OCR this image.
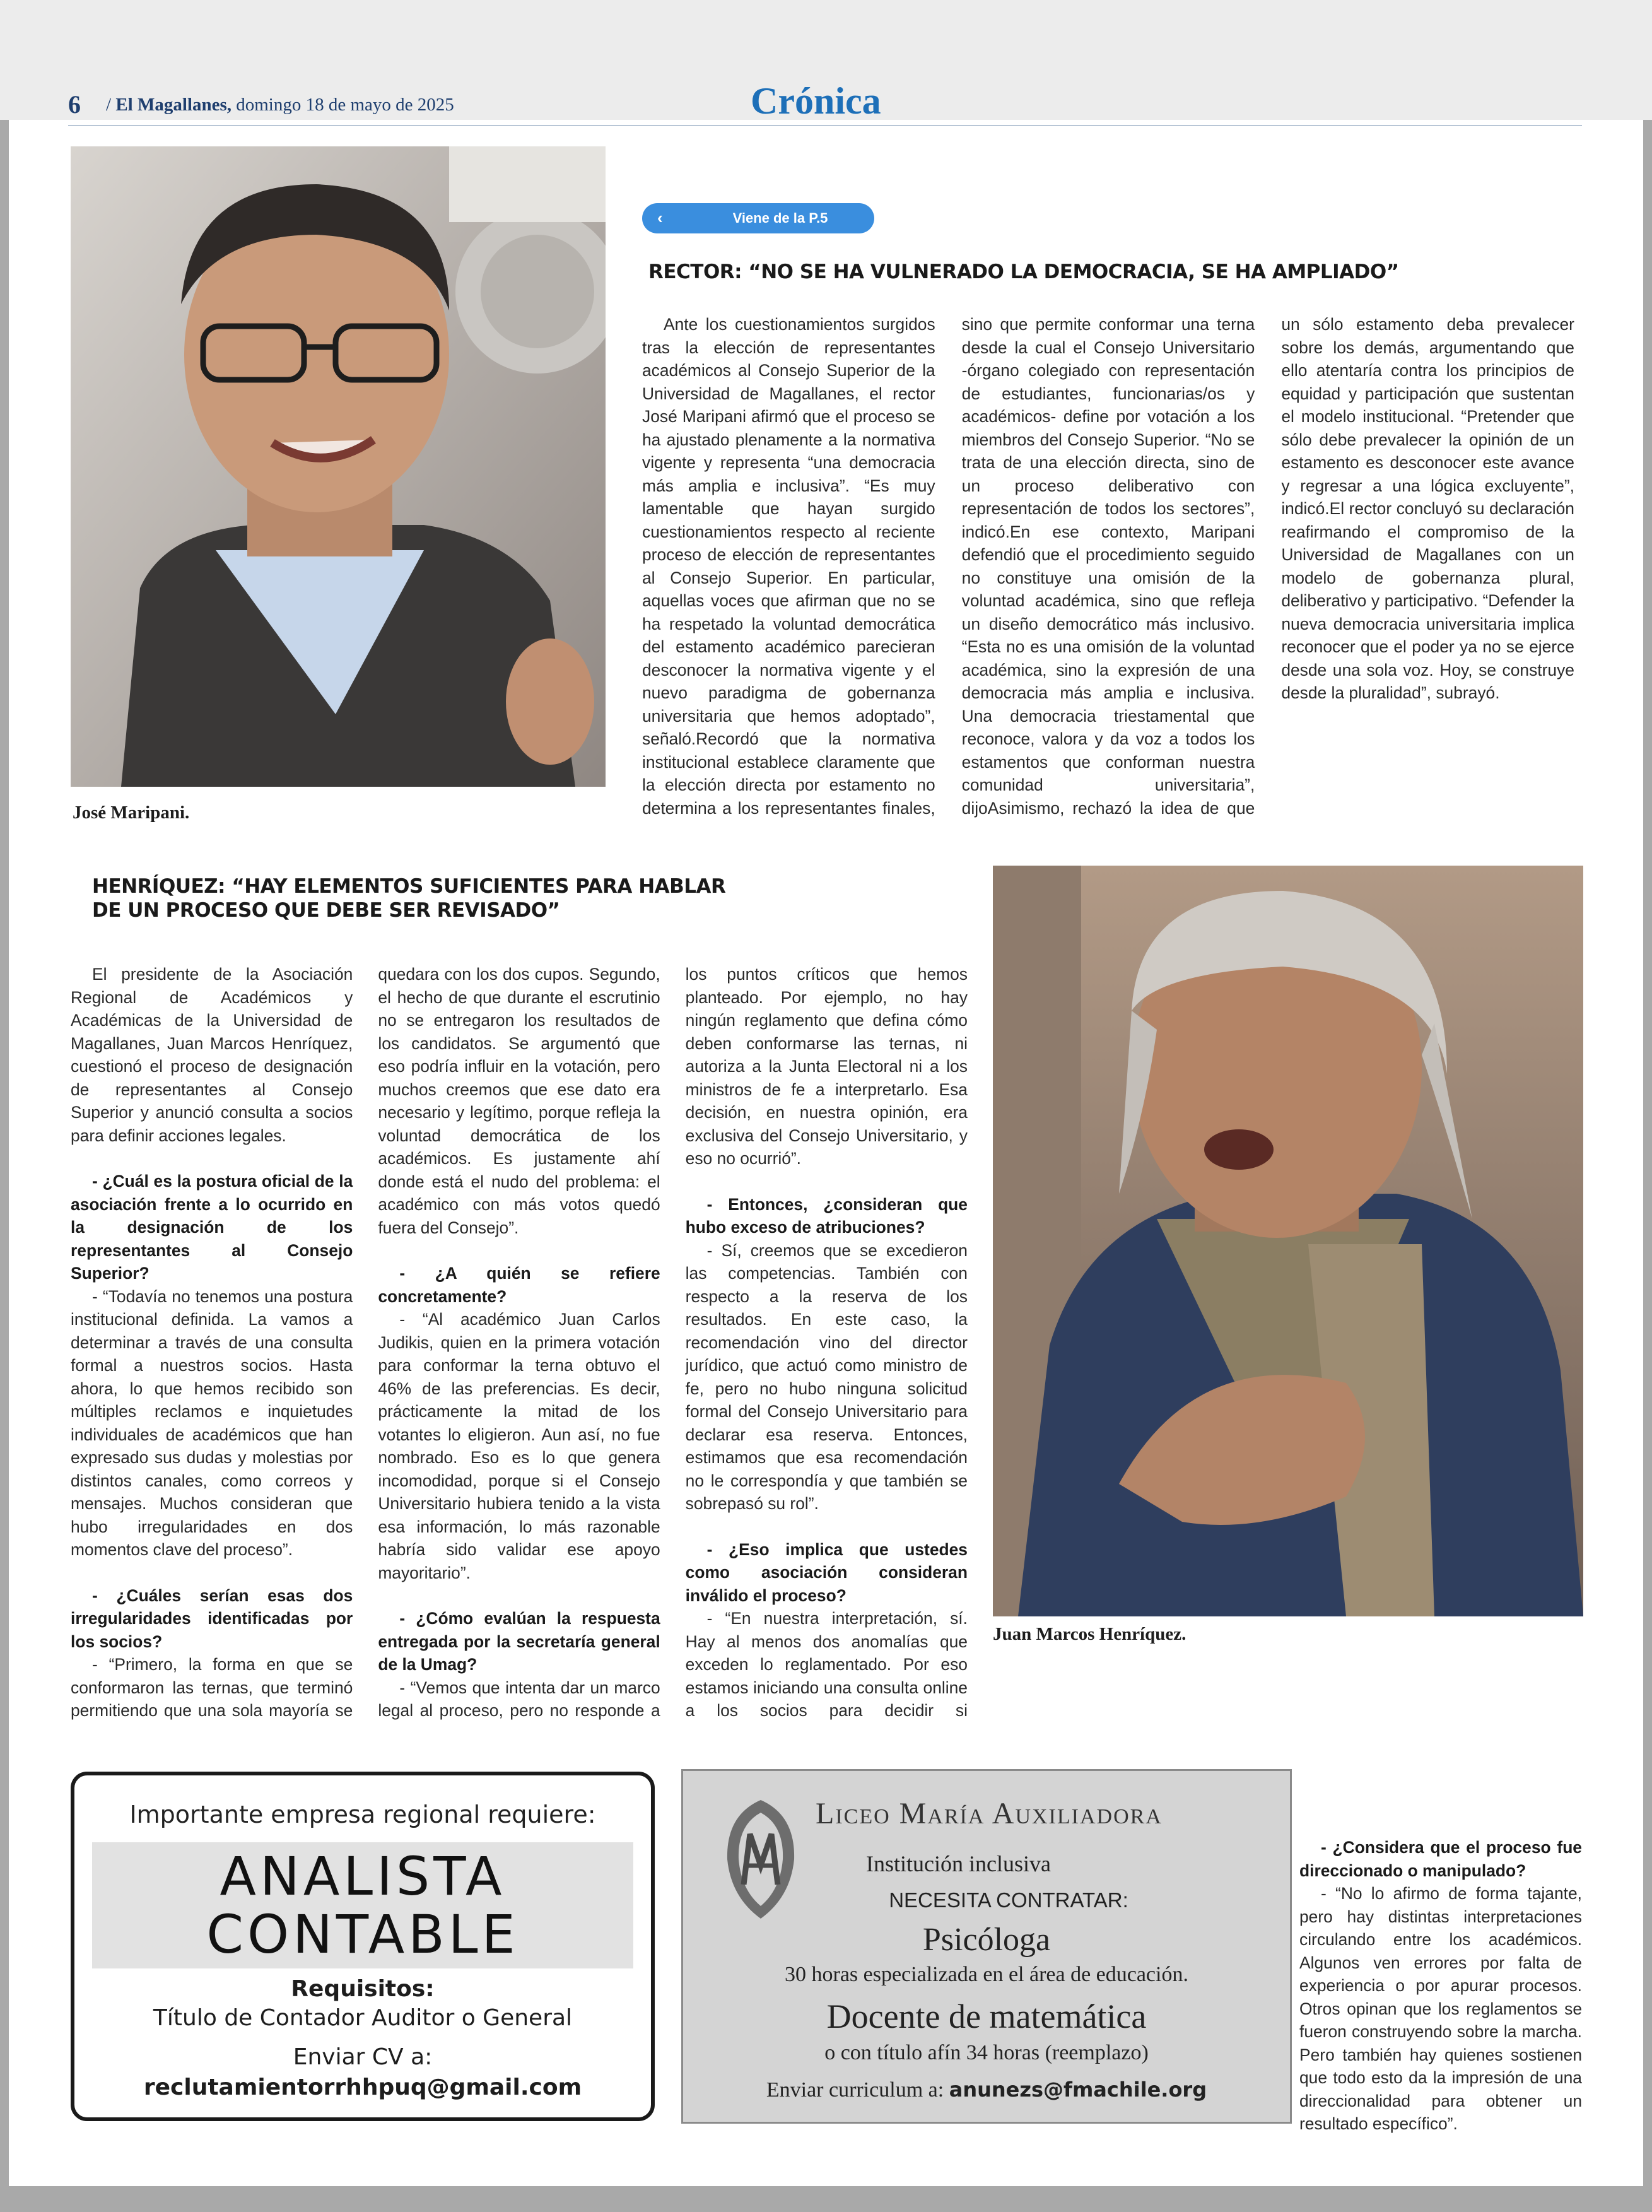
6 / El Magallanes, domingo 18 de mayo de 2025	Crónica
José Maripani.
‹	Viene de la P.5
RECTOR: “NO SE HA VULNERADO LA DEMOCRACIA, SE HA AMPLIADO”

Ante los cuestionamientos surgidos tras la elección de representantes académicos al Consejo Superior de la Universidad de Magallanes, el rector José Maripani afirmó que el proceso se ha ajustado plenamente a la normativa vigente y representa “una democracia más amplia e inclusiva”. “Es muy lamentable que hayan surgido cuestionamientos respecto al reciente proceso de elección de representantes al Consejo Superior. En particular, aquellas voces que afirman que no se ha respetado la voluntad democrática del estamento académico parecieran desconocer la normativa vigente y el nuevo paradigma de gobernanza universitaria que hemos adoptado”, señaló.Recordó que la normativa institucional establece claramente que la elección directa por estamento no determina a los representantes finales, sino que permite conformar una terna desde la cual el Consejo Universitario -órgano colegiado con representación de estudiantes, funcionarias/os y académicos- define por votación a los miembros del Consejo Superior. “No se trata de una elección directa, sino de un proceso deliberativo con representación de todos los sectores”, indicó.En ese contexto, Maripani defendió que el procedimiento seguido no constituye una omisión de la voluntad académica, sino que refleja un diseño democrático más inclusivo. “Esta no es una omisión de la voluntad académica, sino la expresión de una democracia más amplia e inclusiva. Una democracia triestamental que reconoce, valora y da voz a todos los estamentos que conforman nuestra comunidad universitaria”, dijoAsimismo, rechazó la idea de que un sólo estamento deba prevalecer sobre los demás, argumentando que ello atentaría contra los principios de equidad y participación que sustentan el modelo institucional. “Pretender que sólo debe prevalecer la opinión de un estamento es desconocer este avance y regresar a una lógica excluyente”, indicó.El rector concluyó su declaración reafirmando el compromiso de la Universidad de Magallanes con un modelo de gobernanza plural, deliberativo y participativo. “Defender la nueva democracia universitaria implica reconocer que el poder ya no se ejerce desde una sola voz. Hoy, se construye desde la pluralidad”, subrayó.

HENRÍQUEZ: “HAY ELEMENTOS SUFICIENTES PARA HABLAR
DE UN PROCESO QUE DEBE SER REVISADO”

El presidente de la Asociación Regional de Académicos y Académicas de la Universidad de Magallanes, Juan Marcos Henríquez, cuestionó el proceso de designación de representantes al Consejo Superior y anunció consulta a socios para definir acciones legales.

- ¿Cuál es la postura oficial de la asociación frente a lo ocurrido en la designación de los representantes al Consejo Superior?

- “Todavía no tenemos una postura institucional definida. La vamos a determinar a través de una consulta formal a nuestros socios. Hasta ahora, lo que hemos recibido son múltiples reclamos e inquietudes individuales de académicos que han expresado sus dudas y molestias por distintos canales, como correos y mensajes. Muchos consideran que hubo irregularidades en dos momentos clave del proceso”.

- ¿Cuáles serían esas dos irregularidades identificadas por los socios?

- “Primero, la forma en que se conformaron las ternas, que terminó permitiendo que una sola mayoría se quedara con los dos cupos. Segundo, el hecho de que durante el escrutinio no se entregaron los resultados de los candidatos. Se argumentó que eso podría influir en la votación, pero muchos creemos que ese dato era necesario y legítimo, porque refleja la voluntad democrática de los académicos. Es justamente ahí donde está el nudo del problema: el académico con más votos quedó fuera del Consejo”.

- ¿A quién se refiere concretamente?

- “Al académico Juan Carlos Judikis, quien en la primera votación para conformar la terna obtuvo el 46% de las preferencias. Es decir, prácticamente la mitad de los votantes lo eligieron. Aun así, no fue nombrado. Eso es lo que genera incomodidad, porque si el Consejo Universitario hubiera tenido a la vista esa información, lo más razonable habría sido validar ese apoyo mayoritario”.

- ¿Cómo evalúan la respuesta entregada por la secretaría general de la Umag?

- “Vemos que intenta dar un marco legal al proceso, pero no responde a los puntos críticos que hemos planteado. Por ejemplo, no hay ningún reglamento que defina cómo deben conformarse las ternas, ni autoriza a la Junta Electoral ni a los ministros de fe a interpretarlo. Esa decisión, en nuestra opinión, era exclusiva del Consejo Universitario, y eso no ocurrió”.

- Entonces, ¿consideran que hubo exceso de atribuciones?

- Sí, creemos que se excedieron las competencias. También con respecto a la reserva de los resultados. En este caso, la recomendación vino del director jurídico, que actuó como ministro de fe, pero no hubo ninguna solicitud formal del Consejo Universitario para declarar esa reserva. Entonces, estimamos que esa recomendación no le correspondía y que también se sobrepasó su rol”.

- ¿Eso implica que ustedes como asociación consideran inválido el proceso?

- “En nuestra interpretación, sí. Hay al menos dos anomalías que exceden lo reglamentado. Por eso estamos iniciando una consulta online a los socios para decidir si

- ¿Considera que el proceso fue direccionado o manipulado?

- “No lo afirmo de forma tajante, pero hay distintas interpretaciones circulando entre los académicos. Algunos ven errores por falta de experiencia o por apurar procesos. Otros opinan que los reglamentos se fueron construyendo sobre la marcha. Pero también hay quienes sostienen que todo esto da la impresión de una direccionalidad para obtener un resultado específico”.

Juan Marcos Henríquez.
Importante empresa regional requiere:
ANALISTA
CONTABLE
Requisitos:
Título de Contador Auditor o General
Enviar CV a:
reclutamientorrhhpuq@gmail.com
Liceo María Auxiliadora
Institución inclusiva
NECESITA CONTRATAR:
Psicóloga
30 horas especializada en el área de educación.
Docente de matemática
o con título afín 34 horas (reemplazo)
Enviar curriculum a: anunezs@fmachile.org
